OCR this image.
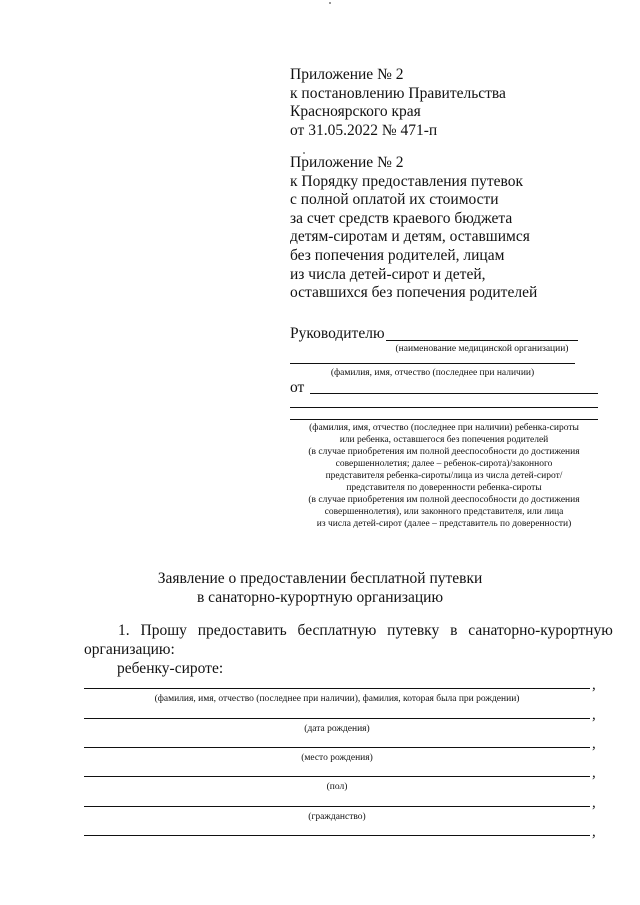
Приложение № 2
к постановлению Правительства
Красноярского края
от 31.05.2022 № 471-п
Приложение № 2
к Порядку предоставления путевок
с полной оплатой их стоимости
за счет средств краевого бюджета
детям-сиротам и детям, оставшимся
без попечения родителей, лицам
из числа детей-сирот и детей,
оставшихся без попечения родителей
Руководителю
(наименование медицинской организации)
(фамилия, имя, отчество (последнее при наличии)
от
(фамилия, имя, отчество (последнее при наличии) ребенка-сироты
или ребенка, оставшегося без попечения родителей
(в случае приобретения им полной дееспособности до достижения
совершеннолетия; далее – ребенок-сирота)/законного
представителя ребенка-сироты/лица из числа детей-сирот/
представителя по доверенности ребенка-сироты
(в случае приобретения им полной дееспособности до достижения
совершеннолетия), или законного представителя, или лица
из числа детей-сирот (далее – представитель по доверенности)
Заявление о предоставлении бесплатной путевки
в санаторно-курортную организацию
1. Прошу предоставить бесплатную путевку в санаторно-курортную
организацию:
ребенку-сироте:
,
(фамилия, имя, отчество (последнее при наличии), фамилия, которая была при рождении)
,
(дата рождения)
,
(место рождения)
,
(пол)
,
(гражданство)
,
